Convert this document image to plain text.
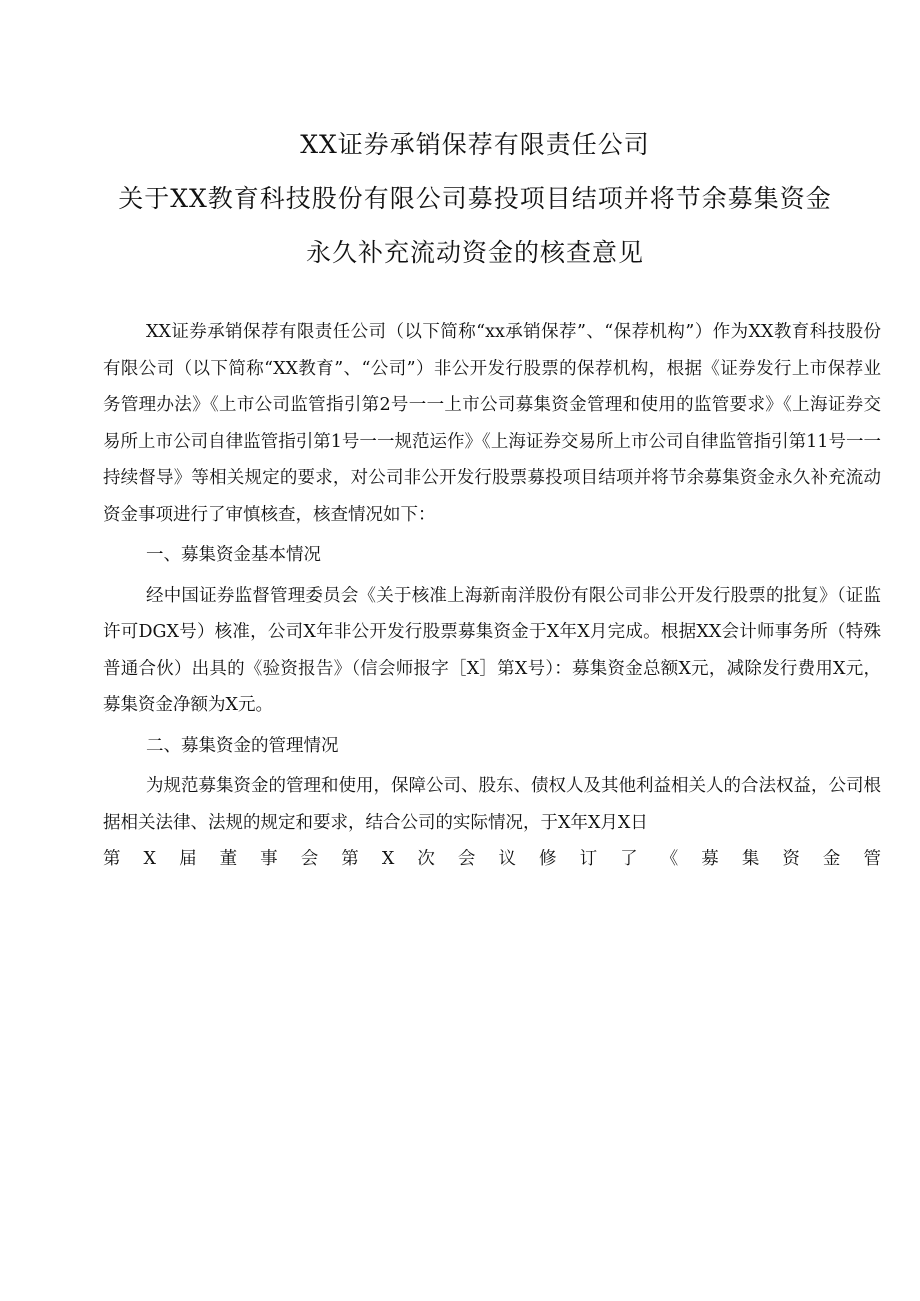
XX证券承销保荐有限责任公司
关于XX教育科技股份有限公司募投项目结项并将节余募集资金
永久补充流动资金的核查意见

XX证券承销保荐有限责任公司（以下简称“xx承销保荐”、“保荐机构”）作为XX教育科技股份有限公司（以下简称“XX教育”、“公司”）非公开发行股票的保荐机构，根据《证券发行上市保荐业务管理办法》《上市公司监管指引第2号一一上市公司募集资金管理和使用的监管要求》《上海证券交易所上市公司自律监管指引第1号一一规范运作》《上海证券交易所上市公司自律监管指引第11号一一持续督导》等相关规定的要求，对公司非公开发行股票募投项目结项并将节余募集资金永久补充流动资金事项进行了审慎核查，核查情况如下：

一、募集资金基本情况

经中国证券监督管理委员会《关于核准上海新南洋股份有限公司非公开发行股票的批复》（证监许可DGX号）核准，公司X年非公开发行股票募集资金于X年X月完成。根据XX会计师事务所（特殊普通合伙）出具的《验资报告》（信会师报字［X］第X号）：募集资金总额X元，减除发行费用X元，募集资金净额为X元。

二、募集资金的管理情况

为规范募集资金的管理和使用，保障公司、股东、债权人及其他利益相关人的合法权益，公司根据相关法律、法规的规定和要求，结合公司的实际情况，于X年X月X日

第X届董事会第X次会议修订了《募集资金管
